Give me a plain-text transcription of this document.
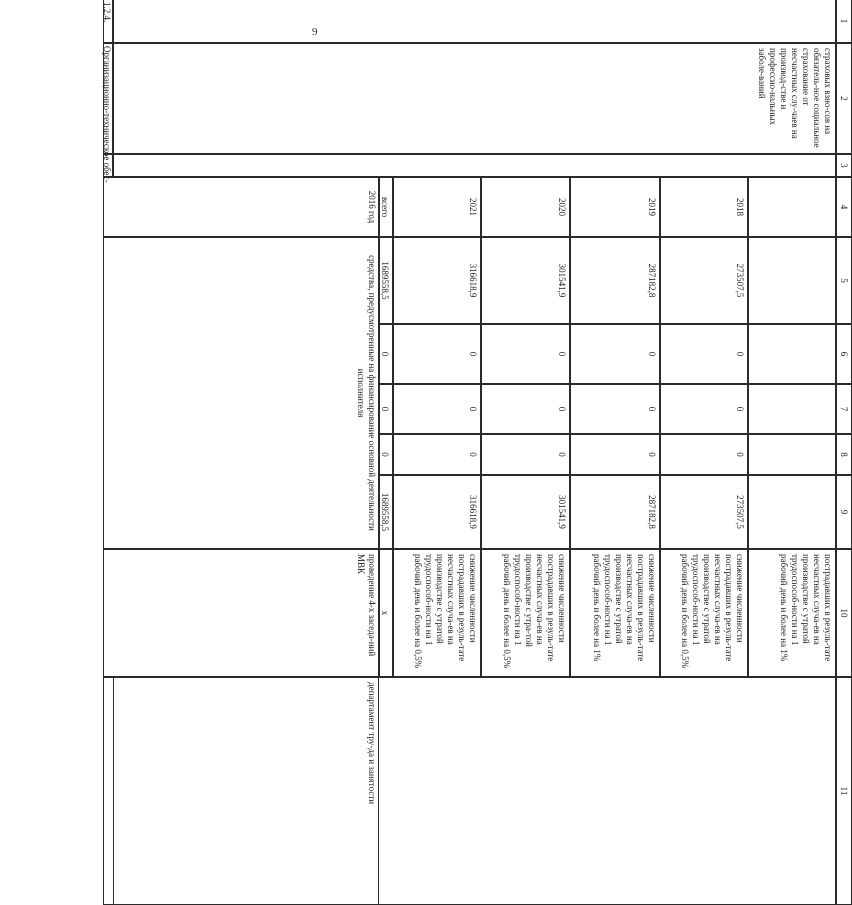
9
1
2
3
4
5
6
7
8
9
10
11
страховых взно-сов на обязатель-ное социальное страхование от несчастных слу-чаев на производ-стве и профессио-нальных заболе-ваний
пострадавших в резуль-тате несчастных случа-ев на производстве с утратой трудоспособ-ности на 1 рабочий день и более на 1%
2018
273507,5
0
0
0
273507,5
снижение численности пострадавших в резуль-тате несчастных случа-ев на производстве с утратой трудоспособ-ности на 1 рабочий день и более на 0,5%
2019
287182,8
0
0
0
287182,8
снижение численности пострадавших в резуль-тате несчастных случа-ев на производстве с утратой трудоспособ-ности на 1 рабочий день и более на 1%
2020
301541,9
0
0
0
301541,9
снижение численности пострадавших в резуль-тате несчастных случа-ев на производстве с утра-той трудоспособ-ности на 1 рабочий день и более на 0,5%
2021
316618,9
0
0
0
316618,9
снижение численности пострадавших в резуль-тате несчастных случа-ев на производстве с утратой трудоспособ-ности на 1 рабочий день и более на 0,5%
всего
1689558,5
0
0
0
1689558,5
x
1.2.4.
Организационно-техническое обес-
2016 год
средства, предусмотренные на финансирование основной деятельности исполнителя
проведение 4-х заседа-ний МВК
департамент тру-да и занятости
